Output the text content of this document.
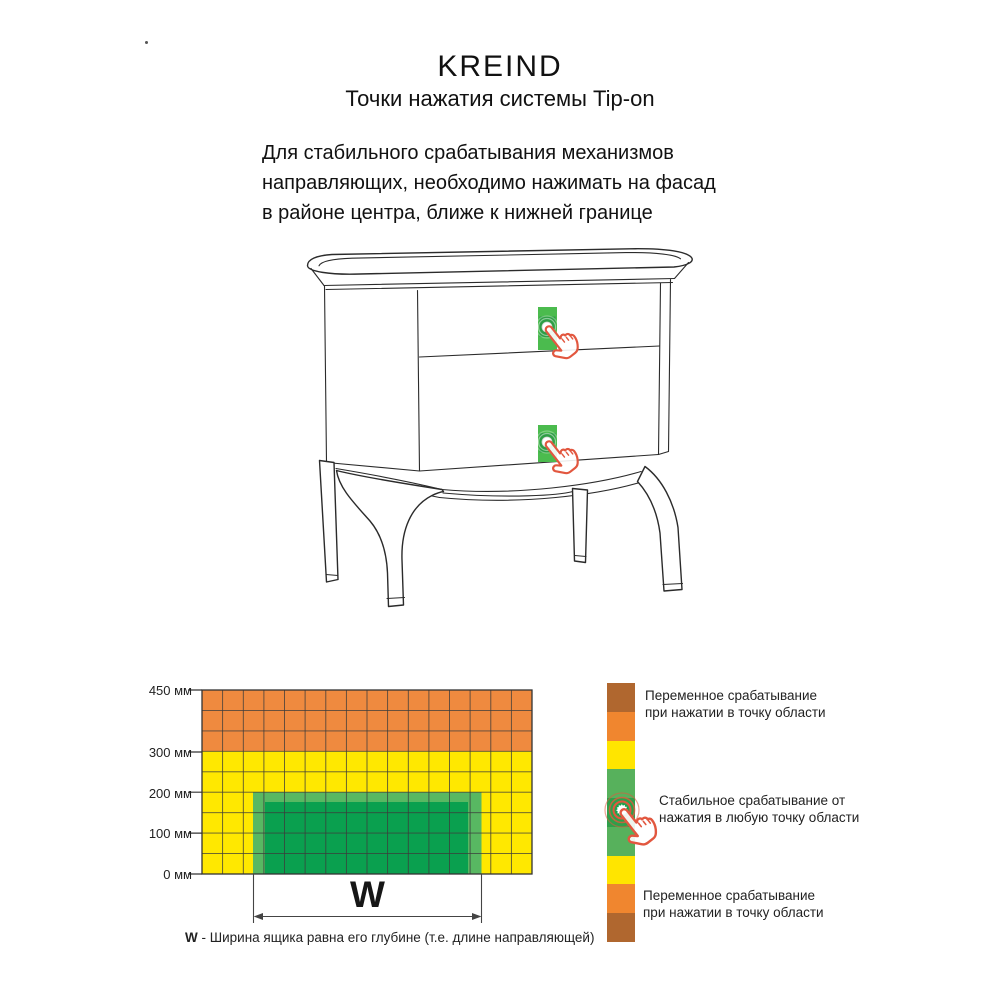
KREIND
Точки нажатия системы Tip-on
Для стабильного срабатывания механизмов
направляющих, необходимо нажимать на фасад
в районе центра, ближе к нижней границе
450 мм
300 мм
200 мм
100 мм
0 мм	W
W - Ширина ящика равна его глубине (т.е. длине направляющей)
Переменное срабатывание
при нажатии в точку области
Стабильное срабатывание от
нажатия в любую точку области
Переменное срабатывание
при нажатии в точку области
